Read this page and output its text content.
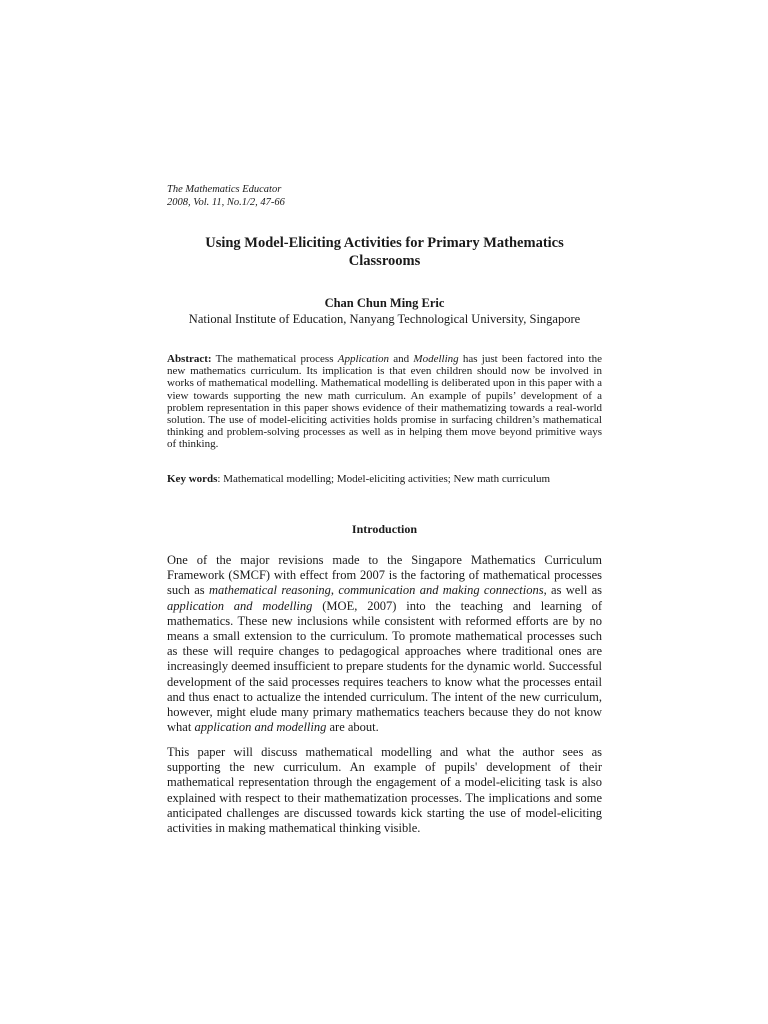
The Mathematics Educator
2008, Vol. 11, No.1/2, 47-66
Using Model-Eliciting Activities for Primary Mathematics
Classrooms
Chan Chun Ming Eric
National Institute of Education, Nanyang Technological University, Singapore
Abstract: The mathematical process Application and Modelling has just been factored into the new mathematics curriculum. Its implication is that even children should now be involved in works of mathematical modelling. Mathematical modelling is deliberated upon in this paper with a view towards supporting the new math curriculum. An example of pupils’ development of a problem representation in this paper shows evidence of their mathematizing towards a real-world solution. The use of model-eliciting activities holds promise in surfacing children’s mathematical thinking and problem-solving processes as well as in helping them move beyond primitive ways of thinking.
Key words: Mathematical modelling; Model-eliciting activities; New math curriculum
Introduction
One of the major revisions made to the Singapore Mathematics Curriculum Framework (SMCF) with effect from 2007 is the factoring of mathematical processes such as mathematical reasoning, communication and making connections, as well as application and modelling (MOE, 2007) into the teaching and learning of mathematics. These new inclusions while consistent with reformed efforts are by no means a small extension to the curriculum. To promote mathematical processes such as these will require changes to pedagogical approaches where traditional ones are increasingly deemed insufficient to prepare students for the dynamic world. Successful development of the said processes requires teachers to know what the processes entail and thus enact to actualize the intended curriculum. The intent of the new curriculum, however, might elude many primary mathematics teachers because they do not know what application and modelling are about.
This paper will discuss mathematical modelling and what the author sees as supporting the new curriculum. An example of pupils' development of their mathematical representation through the engagement of a model-eliciting task is also explained with respect to their mathematization processes. The implications and some anticipated challenges are discussed towards kick starting the use of model-eliciting activities in making mathematical thinking visible.
